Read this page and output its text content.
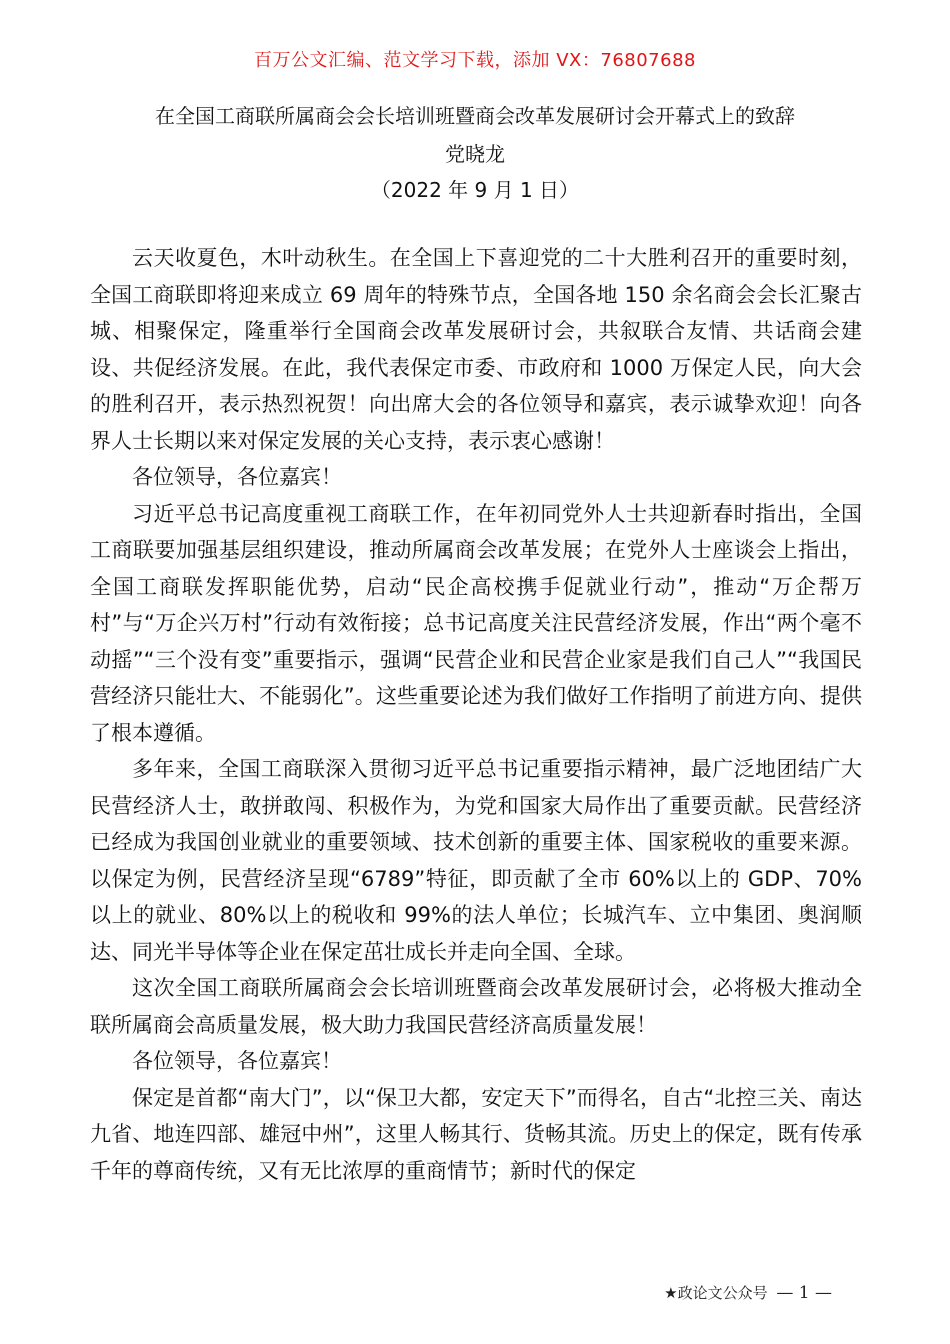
百万公文汇编、范文学习下载，添加 VX：76807688
在全国工商联所属商会会长培训班暨商会改革发展研讨会开幕式上的致辞
党晓龙
（2022 年 9 月 1 日）

云天收夏色，木叶动秋生。在全国上下喜迎党的二十大胜利召开的重要时刻，全国工商联即将迎来成立 69 周年的特殊节点，全国各地 150 余名商会会长汇聚古城、相聚保定，隆重举行全国商会改革发展研讨会，共叙联合友情、共话商会建设、共促经济发展。在此，我代表保定市委、市政府和 1000 万保定人民，向大会的胜利召开，表示热烈祝贺！向出席大会的各位领导和嘉宾，表示诚挚欢迎！向各界人士长期以来对保定发展的关心支持，表示衷心感谢！

各位领导，各位嘉宾！

习近平总书记高度重视工商联工作，在年初同党外人士共迎新春时指出，全国工商联要加强基层组织建设，推动所属商会改革发展；在党外人士座谈会上指出，全国工商联发挥职能优势，启动“民企高校携手促就业行动”，推动“万企帮万村”与“万企兴万村”行动有效衔接；总书记高度关注民营经济发展，作出“两个毫不动摇”“三个没有变”重要指示，强调“民营企业和民营企业家是我们自己人”“我国民营经济只能壮大、不能弱化”。这些重要论述为我们做好工作指明了前进方向、提供了根本遵循。

多年来，全国工商联深入贯彻习近平总书记重要指示精神，最广泛地团结广大民营经济人士，敢拼敢闯、积极作为，为党和国家大局作出了重要贡献。民营经济已经成为我国创业就业的重要领域、技术创新的重要主体、国家税收的重要来源。以保定为例，民营经济呈现“6789”特征，即贡献了全市 60%以上的 GDP、70%以上的就业、80%以上的税收和 99%的法人单位；长城汽车、立中集团、奥润顺达、同光半导体等企业在保定茁壮成长并走向全国、全球。

这次全国工商联所属商会会长培训班暨商会改革发展研讨会，必将极大推动全联所属商会高质量发展，极大助力我国民营经济高质量发展！

各位领导，各位嘉宾！

保定是首都“南大门”，以“保卫大都，安定天下”而得名，自古“北控三关、南达九省、地连四部、雄冠中州”，这里人畅其行、货畅其流。历史上的保定，既有传承千年的尊商传统，又有无比浓厚的重商情节；新时代的保定

★政论文公众号 — 1 —
